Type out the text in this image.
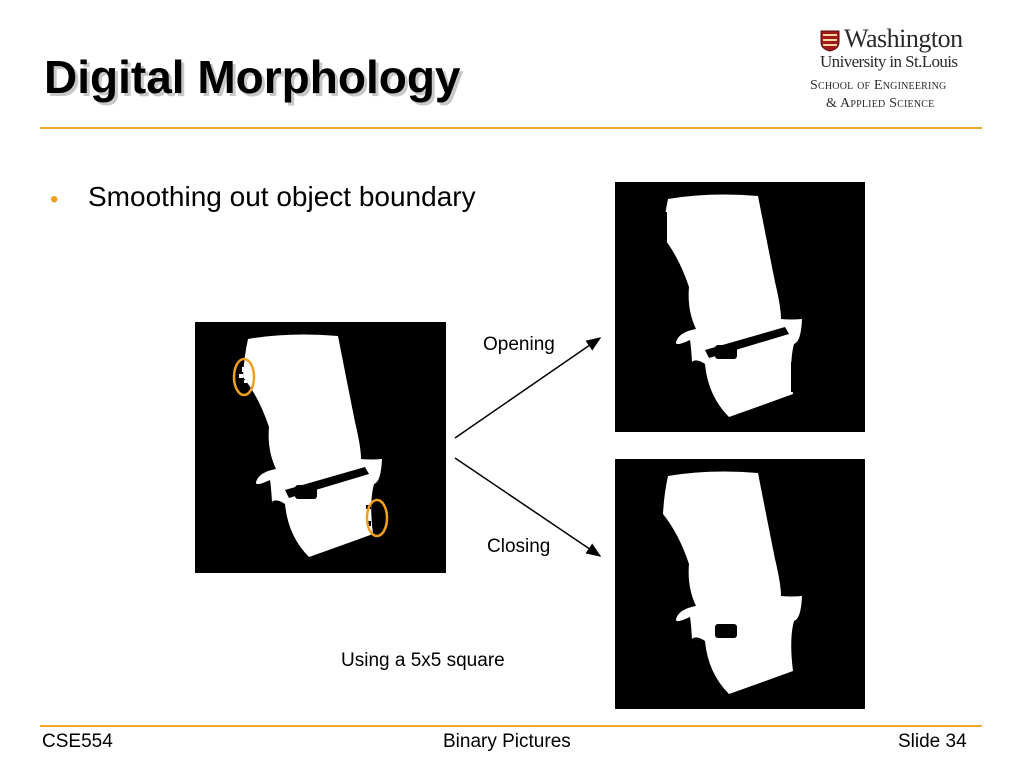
Digital Morphology
Washington
University in St.Louis
School of Engineering
& Applied Science
• Smoothing out object boundary
Opening
Closing
Using a 5x5 square
CSE554	Binary Pictures	Slide 34
